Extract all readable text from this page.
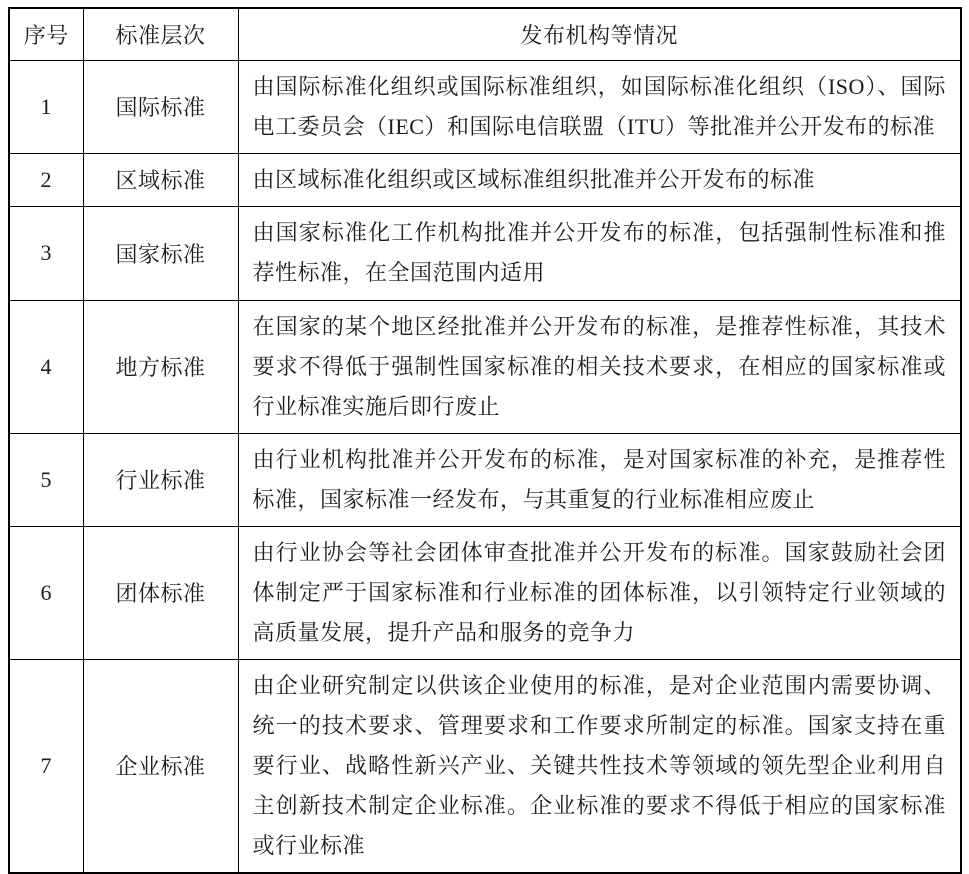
序号	标准层次	发布机构等情况
1	国际标准	由国际标准化组织或国际标准组织，如国际标准化组织（ISO）、国际电工委员会（IEC）和国际电信联盟（ITU）等批准并公开发布的标准
2	区域标准	由区域标准化组织或区域标准组织批准并公开发布的标准
3	国家标准	由国家标准化工作机构批准并公开发布的标准，包括强制性标准和推荐性标准，在全国范围内适用
4	地方标准	在国家的某个地区经批准并公开发布的标准，是推荐性标准，其技术要求不得低于强制性国家标准的相关技术要求，在相应的国家标准或行业标准实施后即行废止
5	行业标准	由行业机构批准并公开发布的标准，是对国家标准的补充，是推荐性标准，国家标准一经发布，与其重复的行业标准相应废止
6	团体标准	由行业协会等社会团体审查批准并公开发布的标准。国家鼓励社会团体制定严于国家标准和行业标准的团体标准，以引领特定行业领域的高质量发展，提升产品和服务的竞争力
7	企业标准	由企业研究制定以供该企业使用的标准，是对企业范围内需要协调、统一的技术要求、管理要求和工作要求所制定的标准。国家支持在重要行业、战略性新兴产业、关键共性技术等领域的领先型企业利用自主创新技术制定企业标准。企业标准的要求不得低于相应的国家标准或行业标准
